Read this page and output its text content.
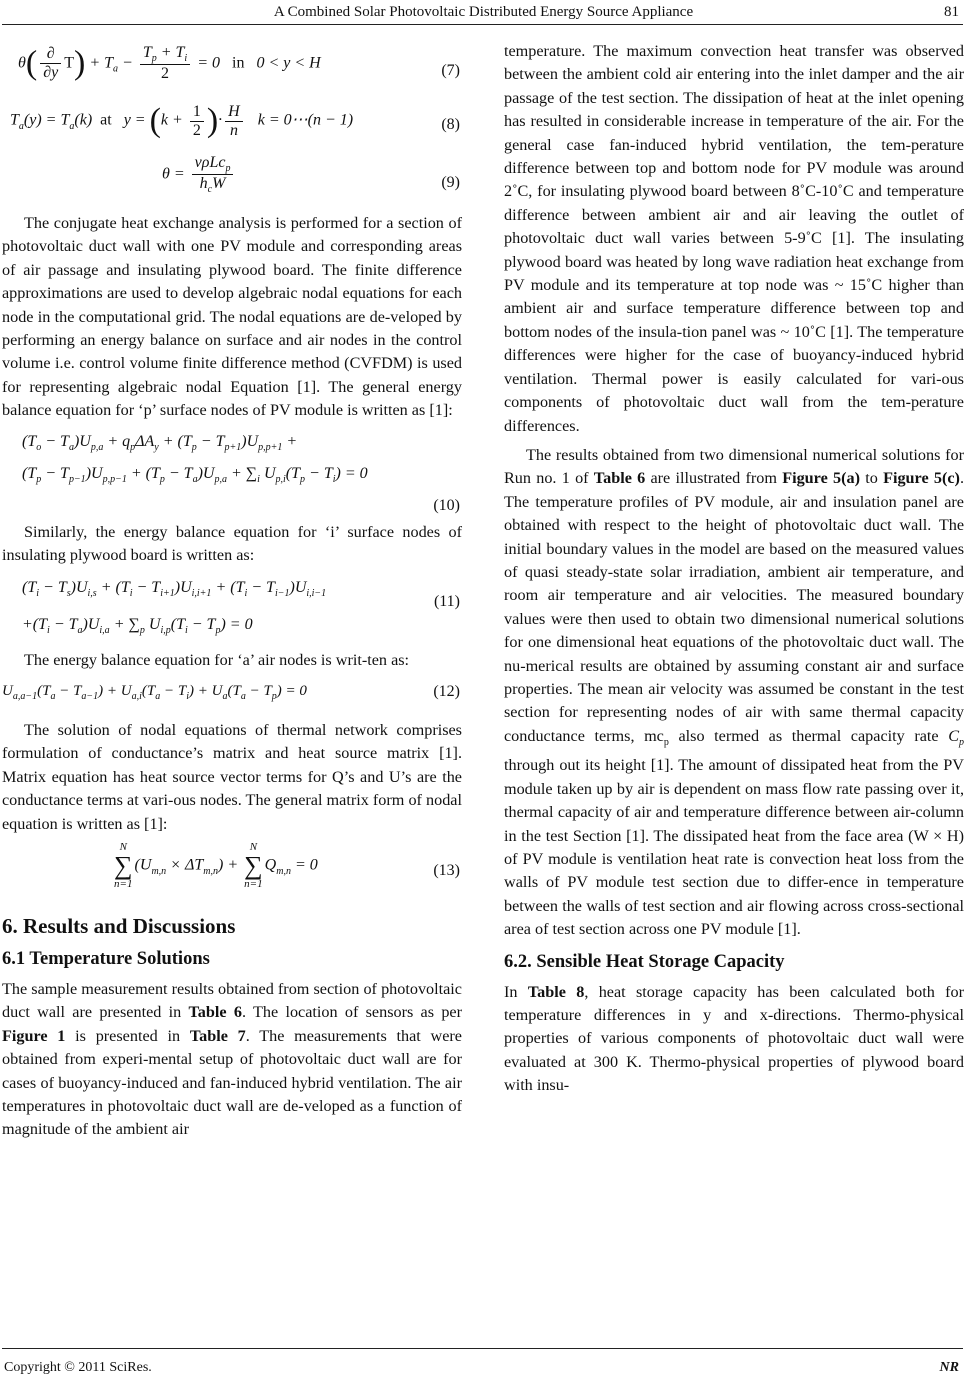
A Combined Solar Photovoltaic Distributed Energy Source Appliance	81
$\theta( \frac{\partial}{\partial y} T) + T_a - \frac{T_p + T_i}{2} = 0$   in 0 < y < H	(7)
$T_a(y) = T_a(k)$  at $y = (k + \frac{1}{2}$ )· $\frac{H}{n}$ k = 0⋯(n − 1)	(8)
$\theta = \frac{v\rho Lc_p}{h_cW}$	(9)

The conjugate heat exchange analysis is performed for a section of photovoltaic duct wall with one PV module and corresponding areas of air passage and insulating plywood board. The finite difference approximations are used to develop algebraic nodal equations for each node in the computational grid. The nodal equations are de-veloped by performing an energy balance on surface and air nodes in the control volume i.e. control volume finite difference method (CVFDM) is used for representing algebraic nodal Equation [1]. The general energy balance equation for ‘p’ surface nodes of PV module is written as [1]:

$(T_o - T_a)U_{p,a} + q_p\Delta A_y + (T_p - T_{p+1})U_{p,p+1}$ +
$(T_p - T_{p-1})U_{p,p-1} + (T_p - T_a)U_{p,a} + \sum_i$ $U_{p,i}(T_p - T_i) = 0$
(10)

Similarly, the energy balance equation for ‘i’ surface nodes of insulating plywood board is written as:

$(T_i - T_s)U_{i,s} + (T_i - T_{i+1})U_{i,i+1} + (T_i - T_{i-1})U_{i,i-1}$
$+(T_i - T_a)U_{i,a} + \sum_p$ $U_{i,p}(T_i - T_p) = 0$
(11)

The energy balance equation for ‘a’ air nodes is writ-ten as:

$U_{a,a-1}(T_a - T_{a-1}) + U_{a,i}(T_a - T_i) + U_a(T_a - T_p) = 0$	(12)

The solution of nodal equations of thermal network comprises formulation of conductance’s matrix and heat source matrix [1]. Matrix equation has heat source vector terms for Q’s and U’s are the conductance terms at vari-ous nodes. The general matrix form of nodal equation is written as [1]:

N
∑
$n=1(U_{m,n} \times \Delta T_{m,n}) + N$
∑
$n=1Q_{m,n} = 0$	(13)
6. Results and Discussions
6.1 Temperature Solutions

The sample measurement results obtained from section of photovoltaic duct wall are presented in Table 6. The location of sensors as per Figure 1 is presented in Table 7. The measurements that were obtained from experi-mental setup of photovoltaic duct wall are for cases of buoyancy-induced and fan-induced hybrid ventilation. The air temperatures in photovoltaic duct wall are de-veloped as a function of magnitude of the ambient air

temperature. The maximum convection heat transfer was observed between the ambient cold air entering into the inlet damper and the air passage of the test section. The dissipation of heat at the inlet opening has resulted in considerable increase in temperature of the air. For the general case fan-induced hybrid ventilation, the tem-perature difference between top and bottom node for PV module was around 2˚C, for insulating plywood board between 8˚C-10˚C and temperature difference between ambient air and air leaving the outlet of photovoltaic duct wall varies between 5-9˚C [1]. The insulating plywood board was heated by long wave radiation heat exchange from PV module and its temperature at top node was ~ 15˚C higher than ambient air and surface temperature difference between top and bottom nodes of the insula-tion panel was ~ 10˚C [1]. The temperature differences were higher for the case of buoyancy-induced hybrid ventilation. Thermal power is easily calculated for vari-ous components of photovoltaic duct wall from the tem-perature differences.

The results obtained from two dimensional numerical solutions for Run no. 1 of Table 6 are illustrated from Figure 5(a) to Figure 5(c). The temperature profiles of PV module, air and insulation panel are obtained with respect to the height of photovoltaic duct wall. The initial boundary values in the model are based on the measured values of quasi steady-state solar irradiation, ambient air temperature, and room air temperature and air velocities. The measured boundary values were then used to obtain two dimensional numerical solutions for one dimensional heat equations of the photovoltaic duct wall. The nu-merical results are obtained by assuming constant air and surface properties. The mean air velocity was assumed be constant in the test section for representing nodes of air with same thermal capacity conductance terms, $mc_p$ also termed as thermal capacity rate $C_p$ through out its height [1]. The amount of dissipated heat from the PV module taken up by air is dependent on mass flow rate passing over it, thermal capacity of air and temperature difference between air-column in the test Section [1]. The dissipated heat from the face area (W × H) of PV module is ventilation heat rate is convection heat loss from the walls of PV module test section due to differ-ence in temperature between the walls of test section and air flowing across cross-sectional area of test section across one PV module [1].

6.2. Sensible Heat Storage Capacity

In Table 8, heat storage capacity has been calculated both for temperature differences in y and x-directions. Thermo-physical properties of various components of photovoltaic duct wall were evaluated at 300 K. Thermo-physical properties of plywood board with insu-

Copyright © 2011 SciRes.	NR
